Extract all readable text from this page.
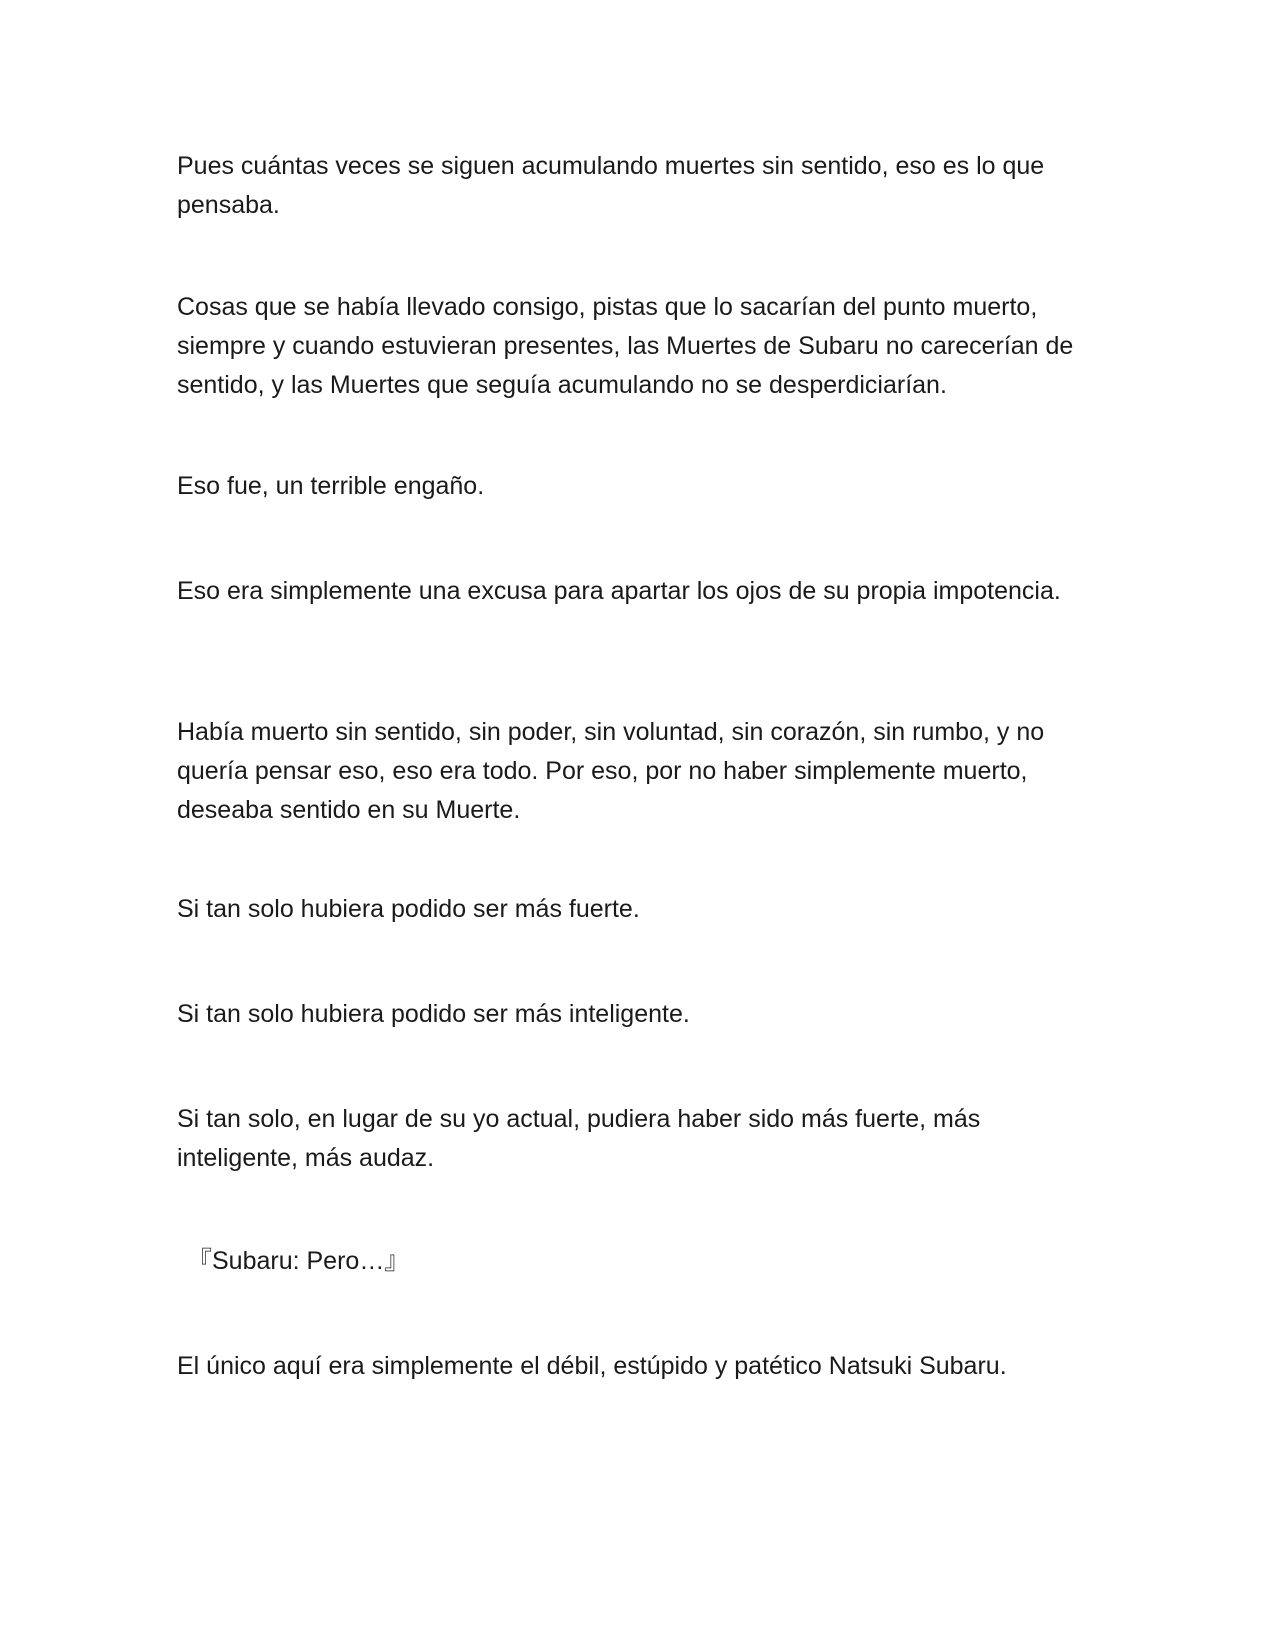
Pues cuántas veces se siguen acumulando muertes sin sentido, eso es lo que pensaba.

Cosas que se había llevado consigo, pistas que lo sacarían del punto muerto, siempre y cuando estuvieran presentes, las Muertes de Subaru no carecerían de sentido, y las Muertes que seguía acumulando no se desperdiciarían.

Eso fue, un terrible engaño.

Eso era simplemente una excusa para apartar los ojos de su propia impotencia.

Había muerto sin sentido, sin poder, sin voluntad, sin corazón, sin rumbo, y no quería pensar eso, eso era todo. Por eso, por no haber simplemente muerto, deseaba sentido en su Muerte.

Si tan solo hubiera podido ser más fuerte.

Si tan solo hubiera podido ser más inteligente.

Si tan solo, en lugar de su yo actual, pudiera haber sido más fuerte, más inteligente, más audaz.

『Subaru: Pero…』

El único aquí era simplemente el débil, estúpido y patético Natsuki Subaru.
